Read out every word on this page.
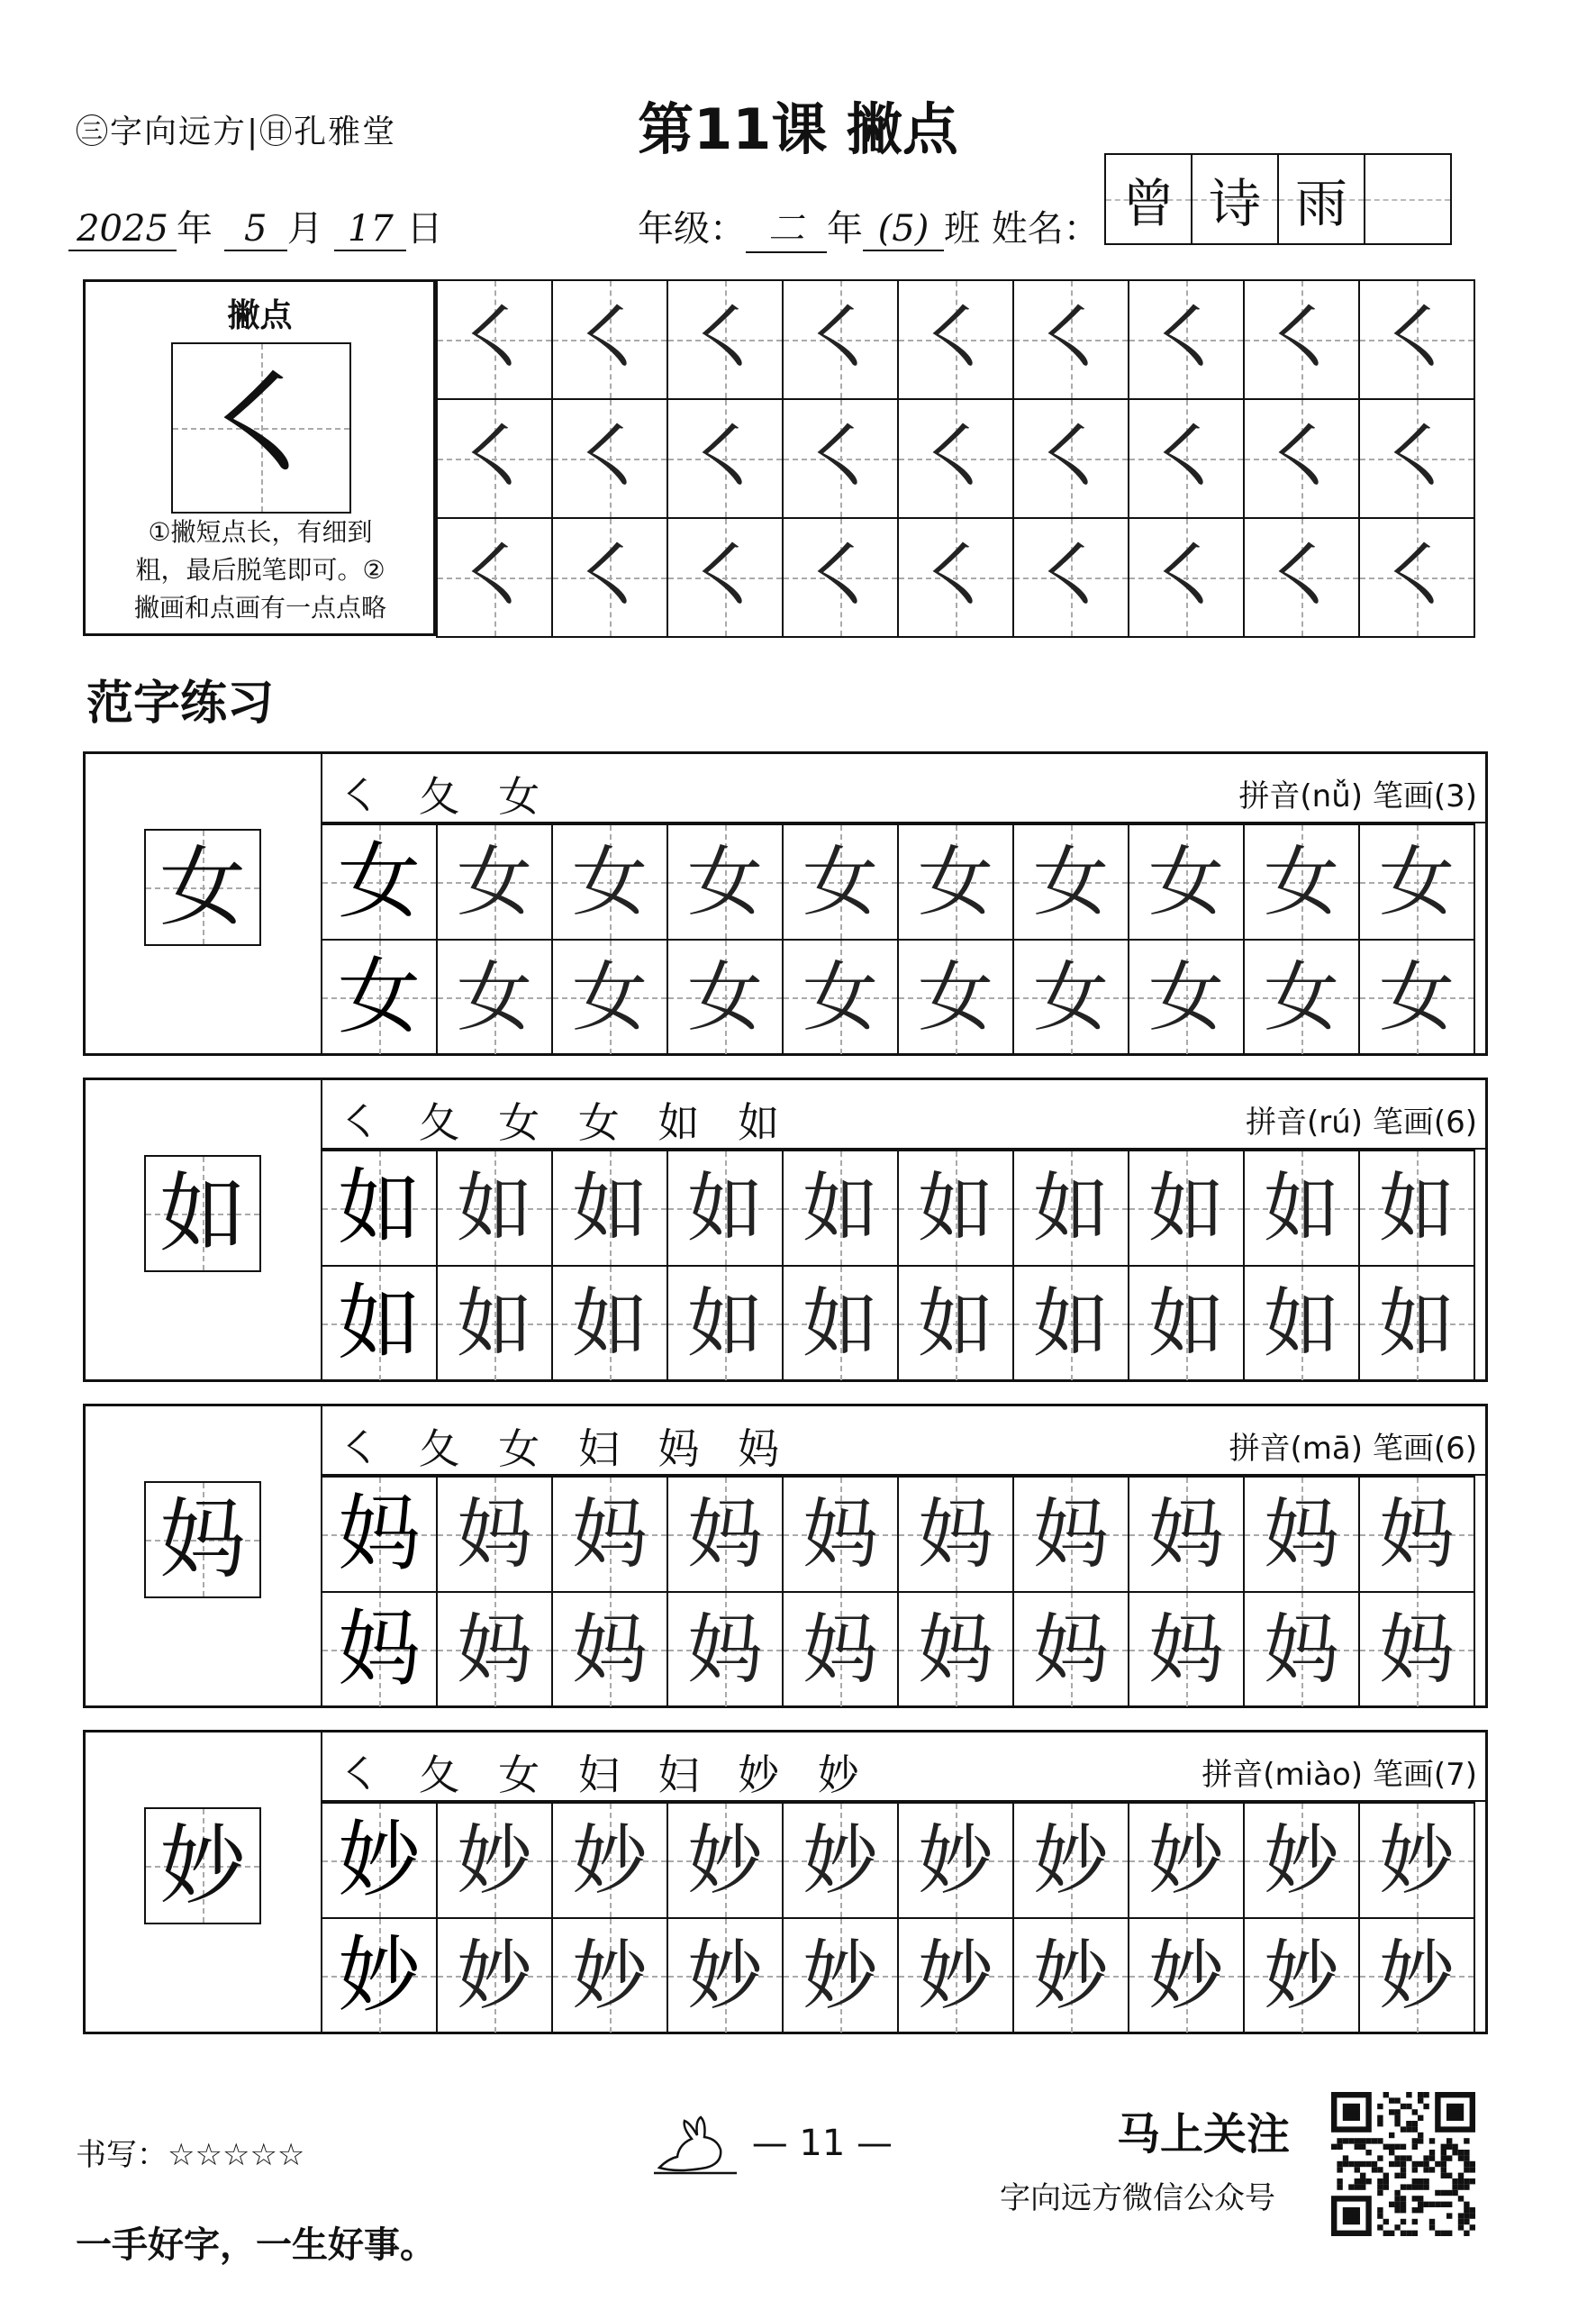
㊂字向远方|㊐孔雅堂	第11课 撇点
2025 年 5 月 17 日	年级： 二 年 (5) 班 姓名： 曾 诗 雨
撇点
㇛
①撇短点长，有细到
粗，最后脱笔即可。②
撇画和点画有一点点略
㇛ ㇛ ㇛ ㇛ ㇛ ㇛ ㇛ ㇛ ㇛
㇛ ㇛ ㇛ ㇛ ㇛ ㇛ ㇛ ㇛ ㇛
㇛ ㇛ ㇛ ㇛ ㇛ ㇛ ㇛ ㇛ ㇛
范字练习
女
㇛ 夂 女	拼音(nǚ) 笔画(3)
女 女 女 女 女 女 女 女 女 女
女 女 女 女 女 女 女 女 女 女
如
㇛ 夂 女 女 如 如	拼音(rú) 笔画(6)
如 如 如 如 如 如 如 如 如 如
如 如 如 如 如 如 如 如 如 如
妈
㇛ 夂 女 妇 妈 妈	拼音(mā) 笔画(6)
妈 妈 妈 妈 妈 妈 妈 妈 妈 妈
妈 妈 妈 妈 妈 妈 妈 妈 妈 妈
妙
㇛ 夂 女 妇 妇 妙 妙	拼音(miào) 笔画(7)
妙 妙 妙 妙 妙 妙 妙 妙 妙 妙
妙 妙 妙 妙 妙 妙 妙 妙 妙 妙
书写：☆☆☆☆☆
一手好字，一生好事。
— 11 —	马上关注
字向远方微信公众号
